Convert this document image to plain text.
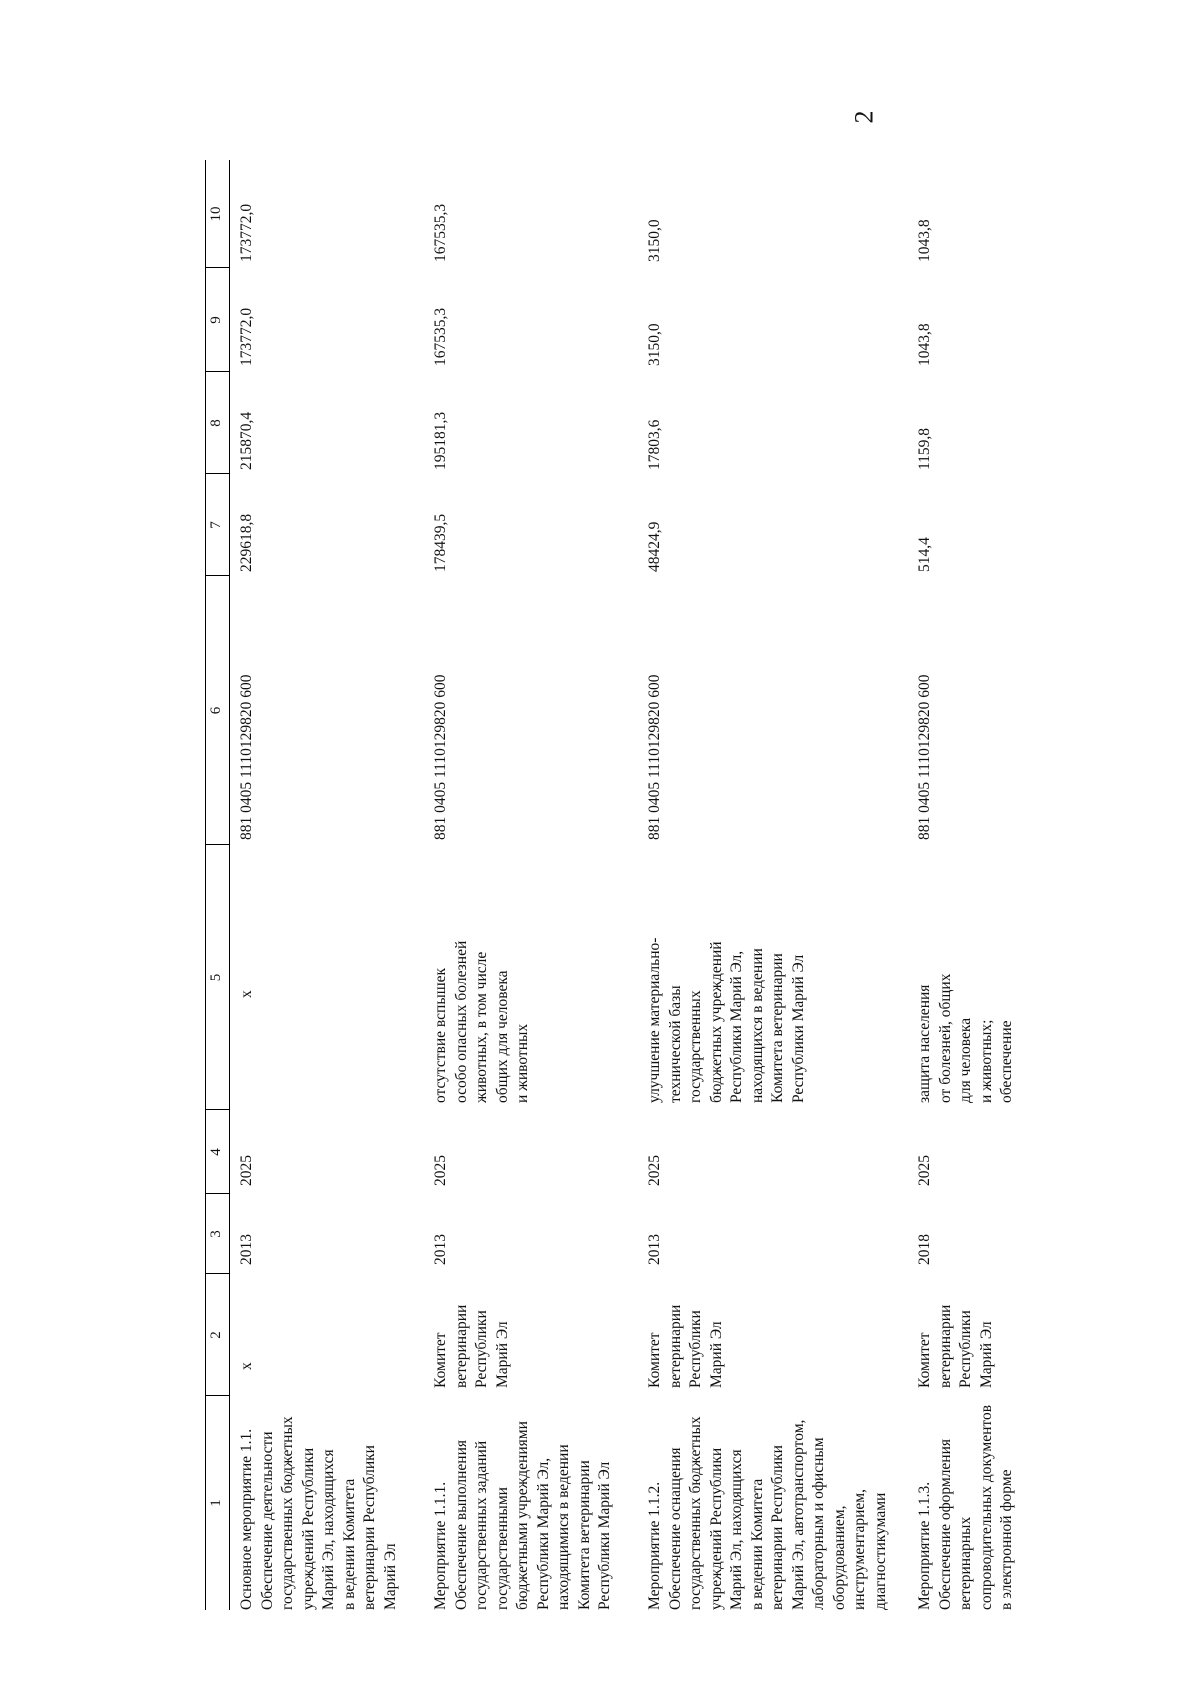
2
1
2
3
4
5
6
7
8
9
10
Основное мероприятие 1.1. Обеспечение деятельности государственных бюджетных учреждений Республики Марий Эл, находящихся в ведении Комитета ветеринарии Республики Марий Эл
х
2013
2025
х
881 0405 1110129820 600
229618,8
215870,4
173772,0
173772,0
Мероприятие 1.1.1. Обеспечение выполнения государственных заданий государственными бюджетными учреждениями Республики Марий Эл, находящимися в ведении Комитета ветеринарии Республики Марий Эл
Комитет ветеринарии Республики Марий Эл
2013
2025
отсутствие вспышек особо опасных болезней животных, в том числе общих для человека и животных
881 0405 1110129820 600
178439,5
195181,3
167535,3
167535,3
Мероприятие 1.1.2. Обеспечение оснащения государственных бюджетных учреждений Республики Марий Эл, находящихся в ведении Комитета ветеринарии Республики Марий Эл, автотранспортом, лабораторным и офисным оборудованием, инструментарием, диагностикумами
Комитет ветеринарии Республики Марий Эл
2013
2025
улучшение материально- технической базы государственных бюджетных учреждений Республики Марий Эл, находящихся в ведении Комитета ветеринарии Республики Марий Эл
881 0405 1110129820 600
48424,9
17803,6
3150,0
3150,0
Мероприятие 1.1.3. Обеспечение оформления ветеринарных сопроводительных документов в электронной форме
Комитет ветеринарии Республики Марий Эл
2018
2025
защита населения от болезней, общих для человека и животных; обеспечение
881 0405 1110129820 600
514,4
1159,8
1043,8
1043,8
